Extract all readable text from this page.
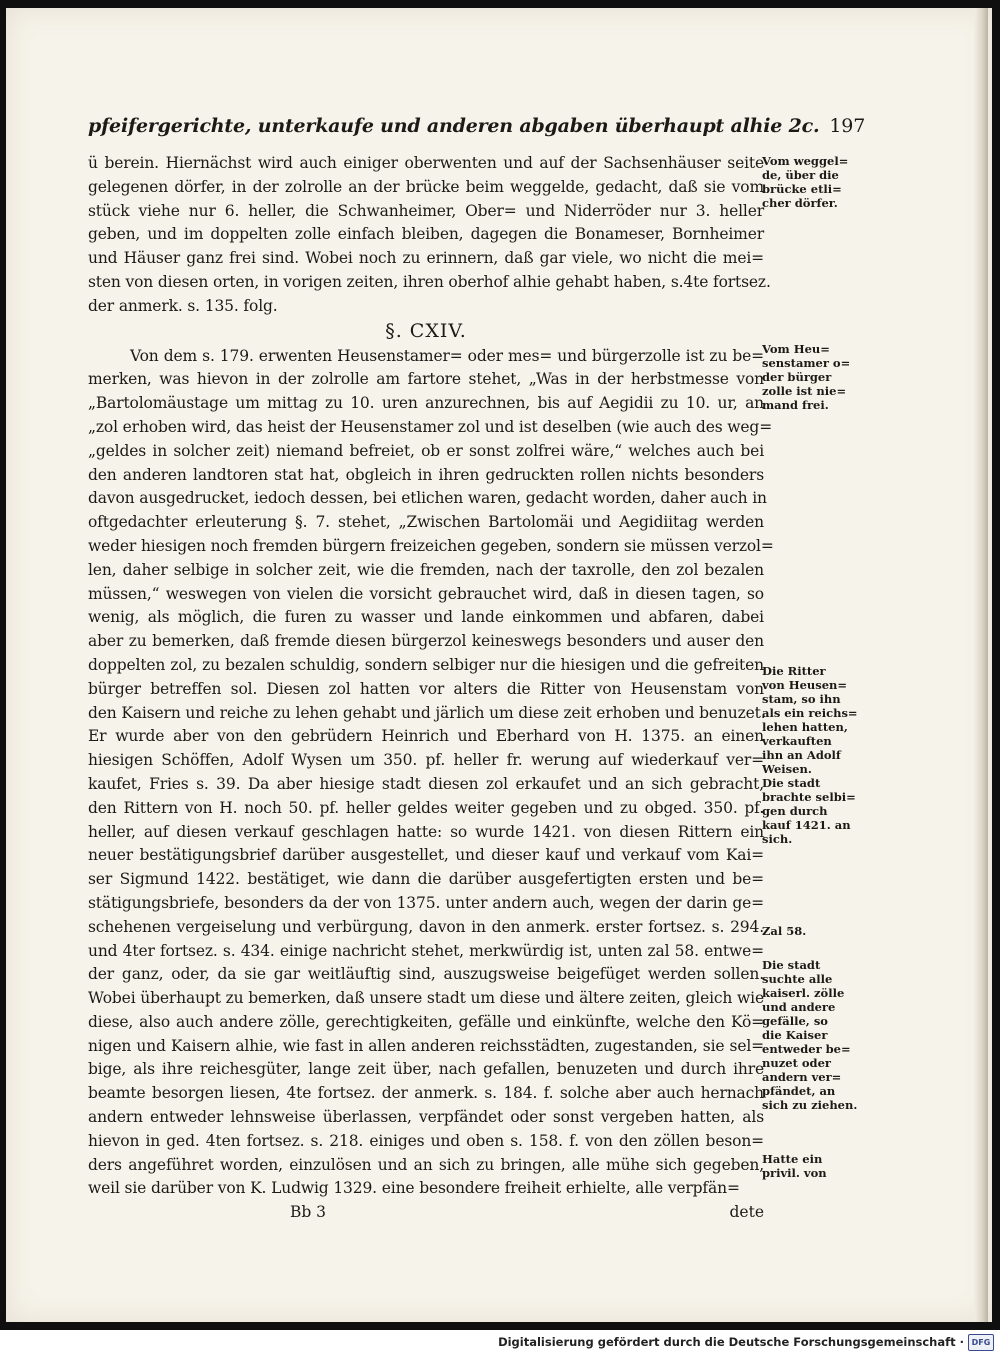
pfeifergerichte, unterkaufe und anderen abgaben überhaupt alhie 2c. 197
ü berein. Hiernächst wird auch einiger oberwenten und auf der Sachsenhäuser seite
gelegenen dörfer, in der zolrolle an der brücke beim weggelde, gedacht, daß sie vom
stück viehe nur 6. heller, die Schwanheimer, Ober= und Niderröder nur 3. heller
geben, und im doppelten zolle einfach bleiben, dagegen die Bonameser, Bornheimer
und Häuser ganz frei sind. Wobei noch zu erinnern, daß gar viele, wo nicht die mei=
sten von diesen orten, in vorigen zeiten, ihren oberhof alhie gehabt haben, s.4te fortsez.
der anmerk. s. 135. folg.
§. CXIV.
Von dem s. 179. erwenten Heusenstamer= oder mes= und bürgerzolle ist zu be=
merken, was hievon in der zolrolle am fartore stehet, „Was in der herbstmesse von
„Bartolomäustage um mittag zu 10. uren anzurechnen, bis auf Aegidii zu 10. ur, an
„zol erhoben wird, das heist der Heusenstamer zol und ist deselben (wie auch des weg=
„geldes in solcher zeit) niemand befreiet, ob er sonst zolfrei wäre,“ welches auch bei
den anderen landtoren stat hat, obgleich in ihren gedruckten rollen nichts besonders
davon ausgedrucket, iedoch dessen, bei etlichen waren, gedacht worden, daher auch in
oftgedachter erleuterung §. 7. stehet, „Zwischen Bartolomäi und Aegidiitag werden
weder hiesigen noch fremden bürgern freizeichen gegeben, sondern sie müssen verzol=
len, daher selbige in solcher zeit, wie die fremden, nach der taxrolle, den zol bezalen
müssen,“ weswegen von vielen die vorsicht gebrauchet wird, daß in diesen tagen, so
wenig, als möglich, die furen zu wasser und lande einkommen und abfaren, dabei
aber zu bemerken, daß fremde diesen bürgerzol keineswegs besonders und auser den
doppelten zol, zu bezalen schuldig, sondern selbiger nur die hiesigen und die gefreiten
bürger betreffen sol. Diesen zol hatten vor alters die Ritter von Heusenstam von
den Kaisern und reiche zu lehen gehabt und järlich um diese zeit erhoben und benuzet.
Er wurde aber von den gebrüdern Heinrich und Eberhard von H. 1375. an einen
hiesigen Schöffen, Adolf Wysen um 350. pf. heller fr. werung auf wiederkauf ver=
kaufet, Fries s. 39. Da aber hiesige stadt diesen zol erkaufet und an sich gebracht,
den Rittern von H. noch 50. pf. heller geldes weiter gegeben und zu obged. 350. pf.
heller, auf diesen verkauf geschlagen hatte: so wurde 1421. von diesen Rittern ein
neuer bestätigungsbrief darüber ausgestellet, und dieser kauf und verkauf vom Kai=
ser Sigmund 1422. bestätiget, wie dann die darüber ausgefertigten ersten und be=
stätigungsbriefe, besonders da der von 1375. unter andern auch, wegen der darin ge=
schehenen vergeiselung und verbürgung, davon in den anmerk. erster fortsez. s. 294.
und 4ter fortsez. s. 434. einige nachricht stehet, merkwürdig ist, unten zal 58. entwe=
der ganz, oder, da sie gar weitläuftig sind, auszugsweise beigefüget werden sollen.
Wobei überhaupt zu bemerken, daß unsere stadt um diese und ältere zeiten, gleich wie
diese, also auch andere zölle, gerechtigkeiten, gefälle und einkünfte, welche den Kö=
nigen und Kaisern alhie, wie fast in allen anderen reichsstädten, zugestanden, sie sel=
bige, als ihre reichesgüter, lange zeit über, nach gefallen, benuzeten und durch ihre
beamte besorgen liesen, 4te fortsez. der anmerk. s. 184. f. solche aber auch hernach
andern entweder lehnsweise überlassen, verpfändet oder sonst vergeben hatten, als
hievon in ged. 4ten fortsez. s. 218. einiges und oben s. 158. f. von den zöllen beson=
ders angeführet worden, einzulösen und an sich zu bringen, alle mühe sich gegeben,
weil sie darüber von K. Ludwig 1329. eine besondere freiheit erhielte, alle verpfän=
Bb 3	dete
Vom weggel=
de, über die
brücke etli=
cher dörfer.
Vom Heu=
senstamer o=
der bürger
zolle ist nie=
mand frei.
Die Ritter
von Heusen=
stam, so ihn
als ein reichs=
lehen hatten,
verkauften
ihn an Adolf
Weisen.
Die stadt
brachte selbi=
gen durch
kauf 1421. an
sich.
Zal 58.
Die stadt
suchte alle
kaiserl. zölle
und andere
gefälle, so
die Kaiser
entweder be=
nuzet oder
andern ver=
pfändet, an
sich zu ziehen.
Hatte ein
privil. von
Digitalisierung gefördert durch die Deutsche Forschungsgemeinschaft · DFG
